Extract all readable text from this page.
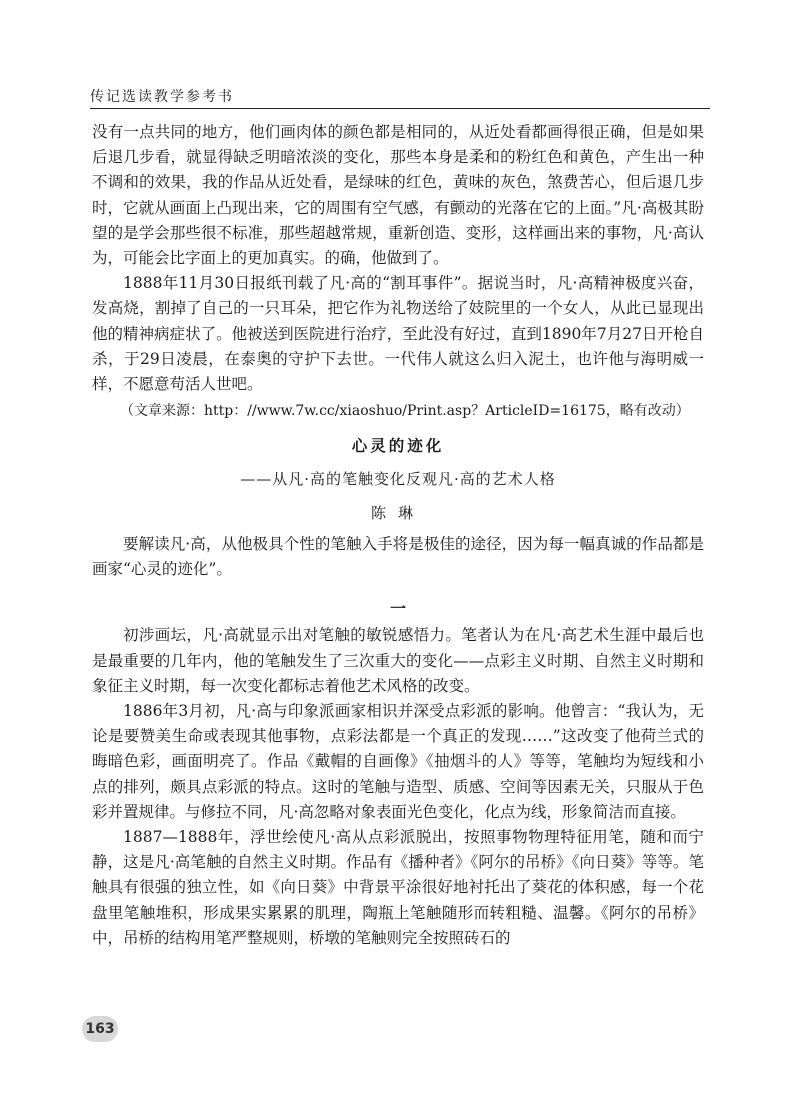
传记选读教学参考书

没有一点共同的地方，他们画肉体的颜色都是相同的，从近处看都画得很正确，但是如果后退几步看，就显得缺乏明暗浓淡的变化，那些本身是柔和的粉红色和黄色，产生出一种不调和的效果，我的作品从近处看，是绿味的红色，黄味的灰色，煞费苦心，但后退几步时，它就从画面上凸现出来，它的周围有空气感，有颤动的光落在它的上面。”凡·高极其盼望的是学会那些很不标准，那些超越常规，重新创造、变形，这样画出来的事物，凡·高认为，可能会比字面上的更加真实。的确，他做到了。

1888年11月30日报纸刊载了凡·高的“割耳事件”。据说当时，凡·高精神极度兴奋，发高烧，割掉了自己的一只耳朵，把它作为礼物送给了妓院里的一个女人，从此已显现出他的精神病症状了。他被送到医院进行治疗，至此没有好过，直到1890年7月27日开枪自杀，于29日凌晨，在泰奥的守护下去世。一代伟人就这么归入泥土，也许他与海明威一样，不愿意苟活人世吧。

（文章来源：http：//www.7w.cc/xiaoshuo/Print.asp？ArticleID=16175，略有改动）

心灵的迹化

——从凡·高的笔触变化反观凡·高的艺术人格

陈琳

要解读凡·高，从他极具个性的笔触入手将是极佳的途径，因为每一幅真诚的作品都是画家“心灵的迹化”。

一

初涉画坛，凡·高就显示出对笔触的敏锐感悟力。笔者认为在凡·高艺术生涯中最后也是最重要的几年内，他的笔触发生了三次重大的变化——点彩主义时期、自然主义时期和象征主义时期，每一次变化都标志着他艺术风格的改变。

1886年3月初，凡·高与印象派画家相识并深受点彩派的影响。他曾言：“我认为，无论是要赞美生命或表现其他事物，点彩法都是一个真正的发现……”这改变了他荷兰式的晦暗色彩，画面明亮了。作品《戴帽的自画像》《抽烟斗的人》等等，笔触均为短线和小点的排列，颇具点彩派的特点。这时的笔触与造型、质感、空间等因素无关，只服从于色彩并置规律。与修拉不同，凡·高忽略对象表面光色变化，化点为线，形象简洁而直接。

1887—1888年，浮世绘使凡·高从点彩派脱出，按照事物物理特征用笔，随和而宁静，这是凡·高笔触的自然主义时期。作品有《播种者》《阿尔的吊桥》《向日葵》等等。笔触具有很强的独立性，如《向日葵》中背景平涂很好地衬托出了葵花的体积感，每一个花盘里笔触堆积，形成果实累累的肌理，陶瓶上笔触随形而转粗糙、温馨。《阿尔的吊桥》中，吊桥的结构用笔严整规则，桥墩的笔触则完全按照砖石的

163
